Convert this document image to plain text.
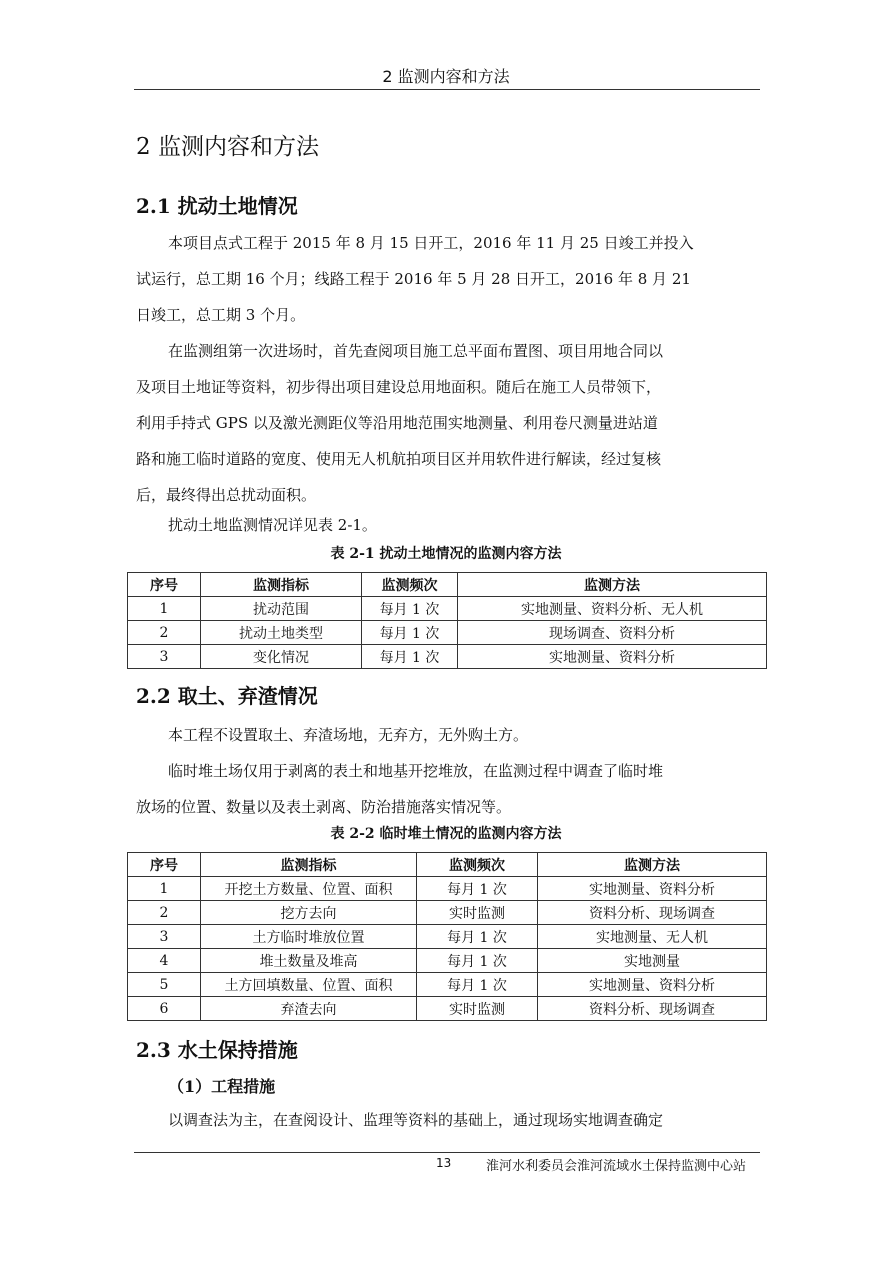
2 监测内容和方法
2 监测内容和方法
2.1 扰动土地情况
本项目点式工程于 2015 年 8 月 15 日开工，2016 年 11 月 25 日竣工并投入
试运行，总工期 16 个月；线路工程于 2016 年 5 月 28 日开工，2016 年 8 月 21
日竣工，总工期 3 个月。
在监测组第一次进场时，首先查阅项目施工总平面布置图、项目用地合同以
及项目土地证等资料，初步得出项目建设总用地面积。随后在施工人员带领下，
利用手持式 GPS 以及激光测距仪等沿用地范围实地测量、利用卷尺测量进站道
路和施工临时道路的宽度、使用无人机航拍项目区并用软件进行解读，经过复核
后，最终得出总扰动面积。
扰动土地监测情况详见表 2-1。
表 2-1 扰动土地情况的监测内容方法
序号	监测指标	监测频次	监测方法
1	扰动范围	每月 1 次	实地测量、资料分析、无人机
2	扰动土地类型	每月 1 次	现场调查、资料分析
3	变化情况	每月 1 次	实地测量、资料分析
2.2 取土、弃渣情况
本工程不设置取土、弃渣场地，无弃方，无外购土方。
临时堆土场仅用于剥离的表土和地基开挖堆放，在监测过程中调查了临时堆
放场的位置、数量以及表土剥离、防治措施落实情况等。
表 2-2 临时堆土情况的监测内容方法
序号	监测指标	监测频次	监测方法
1	开挖土方数量、位置、面积	每月 1 次	实地测量、资料分析
2	挖方去向	实时监测	资料分析、现场调查
3	土方临时堆放位置	每月 1 次	实地测量、无人机
4	堆土数量及堆高	每月 1 次	实地测量
5	土方回填数量、位置、面积	每月 1 次	实地测量、资料分析
6	弃渣去向	实时监测	资料分析、现场调查
2.3 水土保持措施
（1）工程措施
以调查法为主，在查阅设计、监理等资料的基础上，通过现场实地调查确定
13	淮河水利委员会淮河流域水土保持监测中心站
